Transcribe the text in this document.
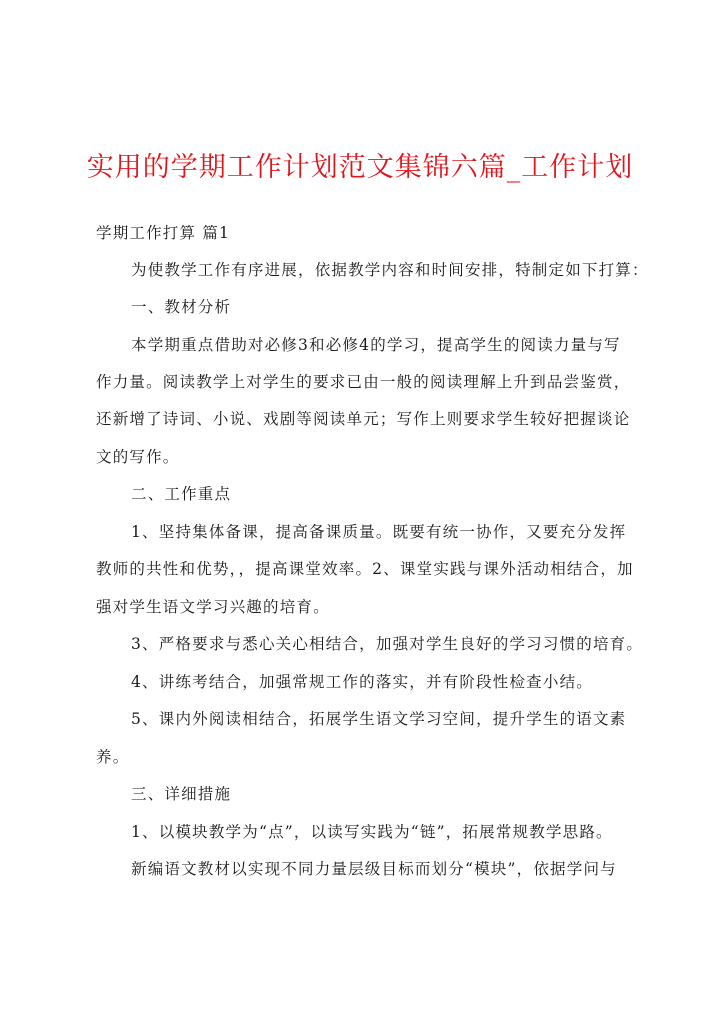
实用的学期工作计划范文集锦六篇_工作计划
学期工作打算 篇1
为使教学工作有序进展，依据教学内容和时间安排，特制定如下打算：
一、教材分析
本学期重点借助对必修3和必修4的学习，提高学生的阅读力量与写
作力量。阅读教学上对学生的要求已由一般的阅读理解上升到品尝鉴赏，
还新增了诗词、小说、戏剧等阅读单元；写作上则要求学生较好把握谈论
文的写作。
二、工作重点
1、坚持集体备课，提高备课质量。既要有统一协作，又要充分发挥
教师的共性和优势，，提高课堂效率。2、课堂实践与课外活动相结合，加
强对学生语文学习兴趣的培育。
3、严格要求与悉心关心相结合，加强对学生良好的学习习惯的培育。
4、讲练考结合，加强常规工作的落实，并有阶段性检查小结。
5、课内外阅读相结合，拓展学生语文学习空间，提升学生的语文素
养。
三、详细措施
1、以模块教学为“点”，以读写实践为“链”，拓展常规教学思路。
新编语文教材以实现不同力量层级目标而划分“模块”，依据学问与
